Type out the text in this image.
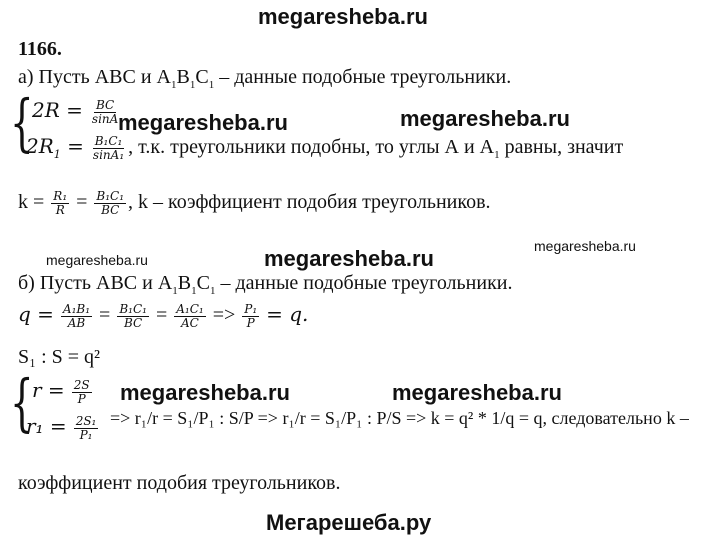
megaresheba.ru
megaresheba.ru	megaresheba.ru
megaresheba.ru	megaresheba.ru	megaresheba.ru
megaresheba.ru	megaresheba.ru
Мегарешеба.ру
1166.
а) Пусть ABC и $A_1B_1C_1$ – данные подобные треугольники.
{
$2R = \frac{BC}{\sin A}$
$2R_1 = \frac{\text{B₁C₁}}{\text{sinA₁}}$ , т.к. треугольники подобны, то углы А и $А_1$ равны, значит
$k = \frac{\text{R₁}}{R} = \frac{\text{B₁C₁}}{BC}$ , k – коэффициент подобия треугольников.
б) Пусть ABC и $A_1B_1C_1$ – данные подобные треугольники.
$q = \frac{\text{A₁B₁}}{AB} = \frac{\text{B₁C₁}}{BC} = \frac{\text{A₁C₁}}{AC} => \frac{\text{P₁}}{P} = q$.
S₁ : S = q²
{
$r = \frac{2S}{P}$
$r_1 = \frac{\text{2S₁}}{\text{P₁}} => r_1/r = S_1/P_1$ : S/P => r₁/r = S₁/P₁ : P/S => k = q² * 1/q = q, следовательно k –
коэффициент подобия треугольников.
